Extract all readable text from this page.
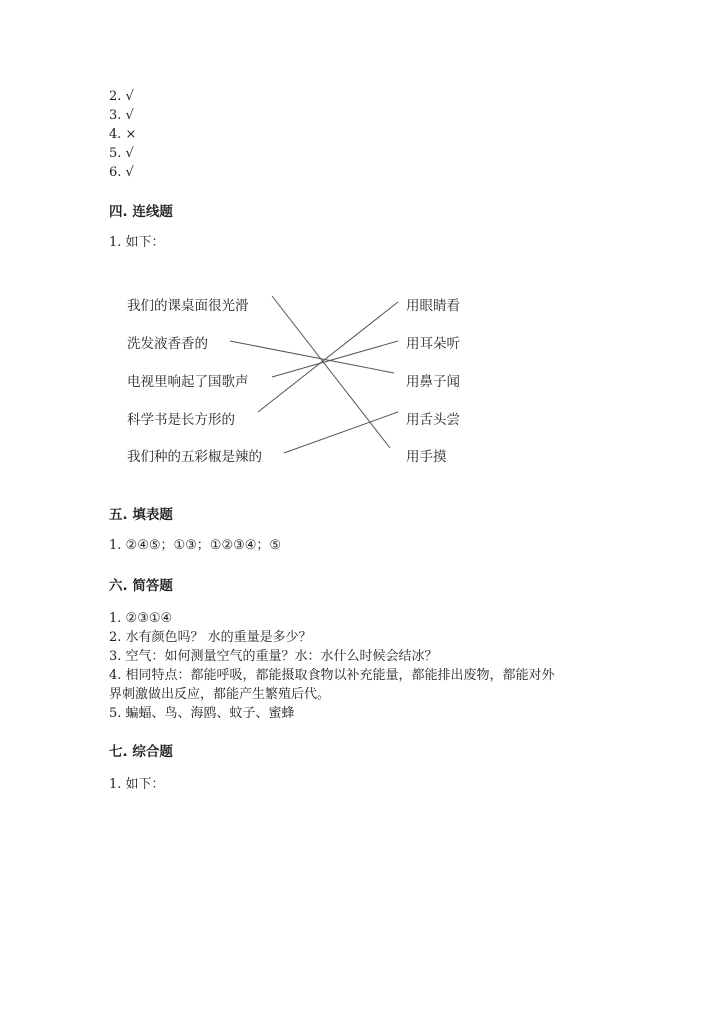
2. √
3. √
4. ×
5. √
6. √
四. 连线题
1. 如下：
我们的课桌面很光滑
洗发液香香的
电视里响起了国歌声
科学书是长方形的
我们种的五彩椒是辣的
用眼睛看
用耳朵听
用鼻子闻
用舌头尝
用手摸
五. 填表题
1. ②④⑤；①③；①②③④；⑤
六. 简答题
1. ②③①④
2. 水有颜色吗？ 水的重量是多少？
3. 空气：如何测量空气的重量？水：水什么时候会结冰？
4. 相同特点：都能呼吸，都能摄取食物以补充能量，都能排出废物，都能对外
界刺激做出反应，都能产生繁殖后代。
5. 蝙蝠、鸟、海鸥、蚊子、蜜蜂
七. 综合题
1. 如下：
